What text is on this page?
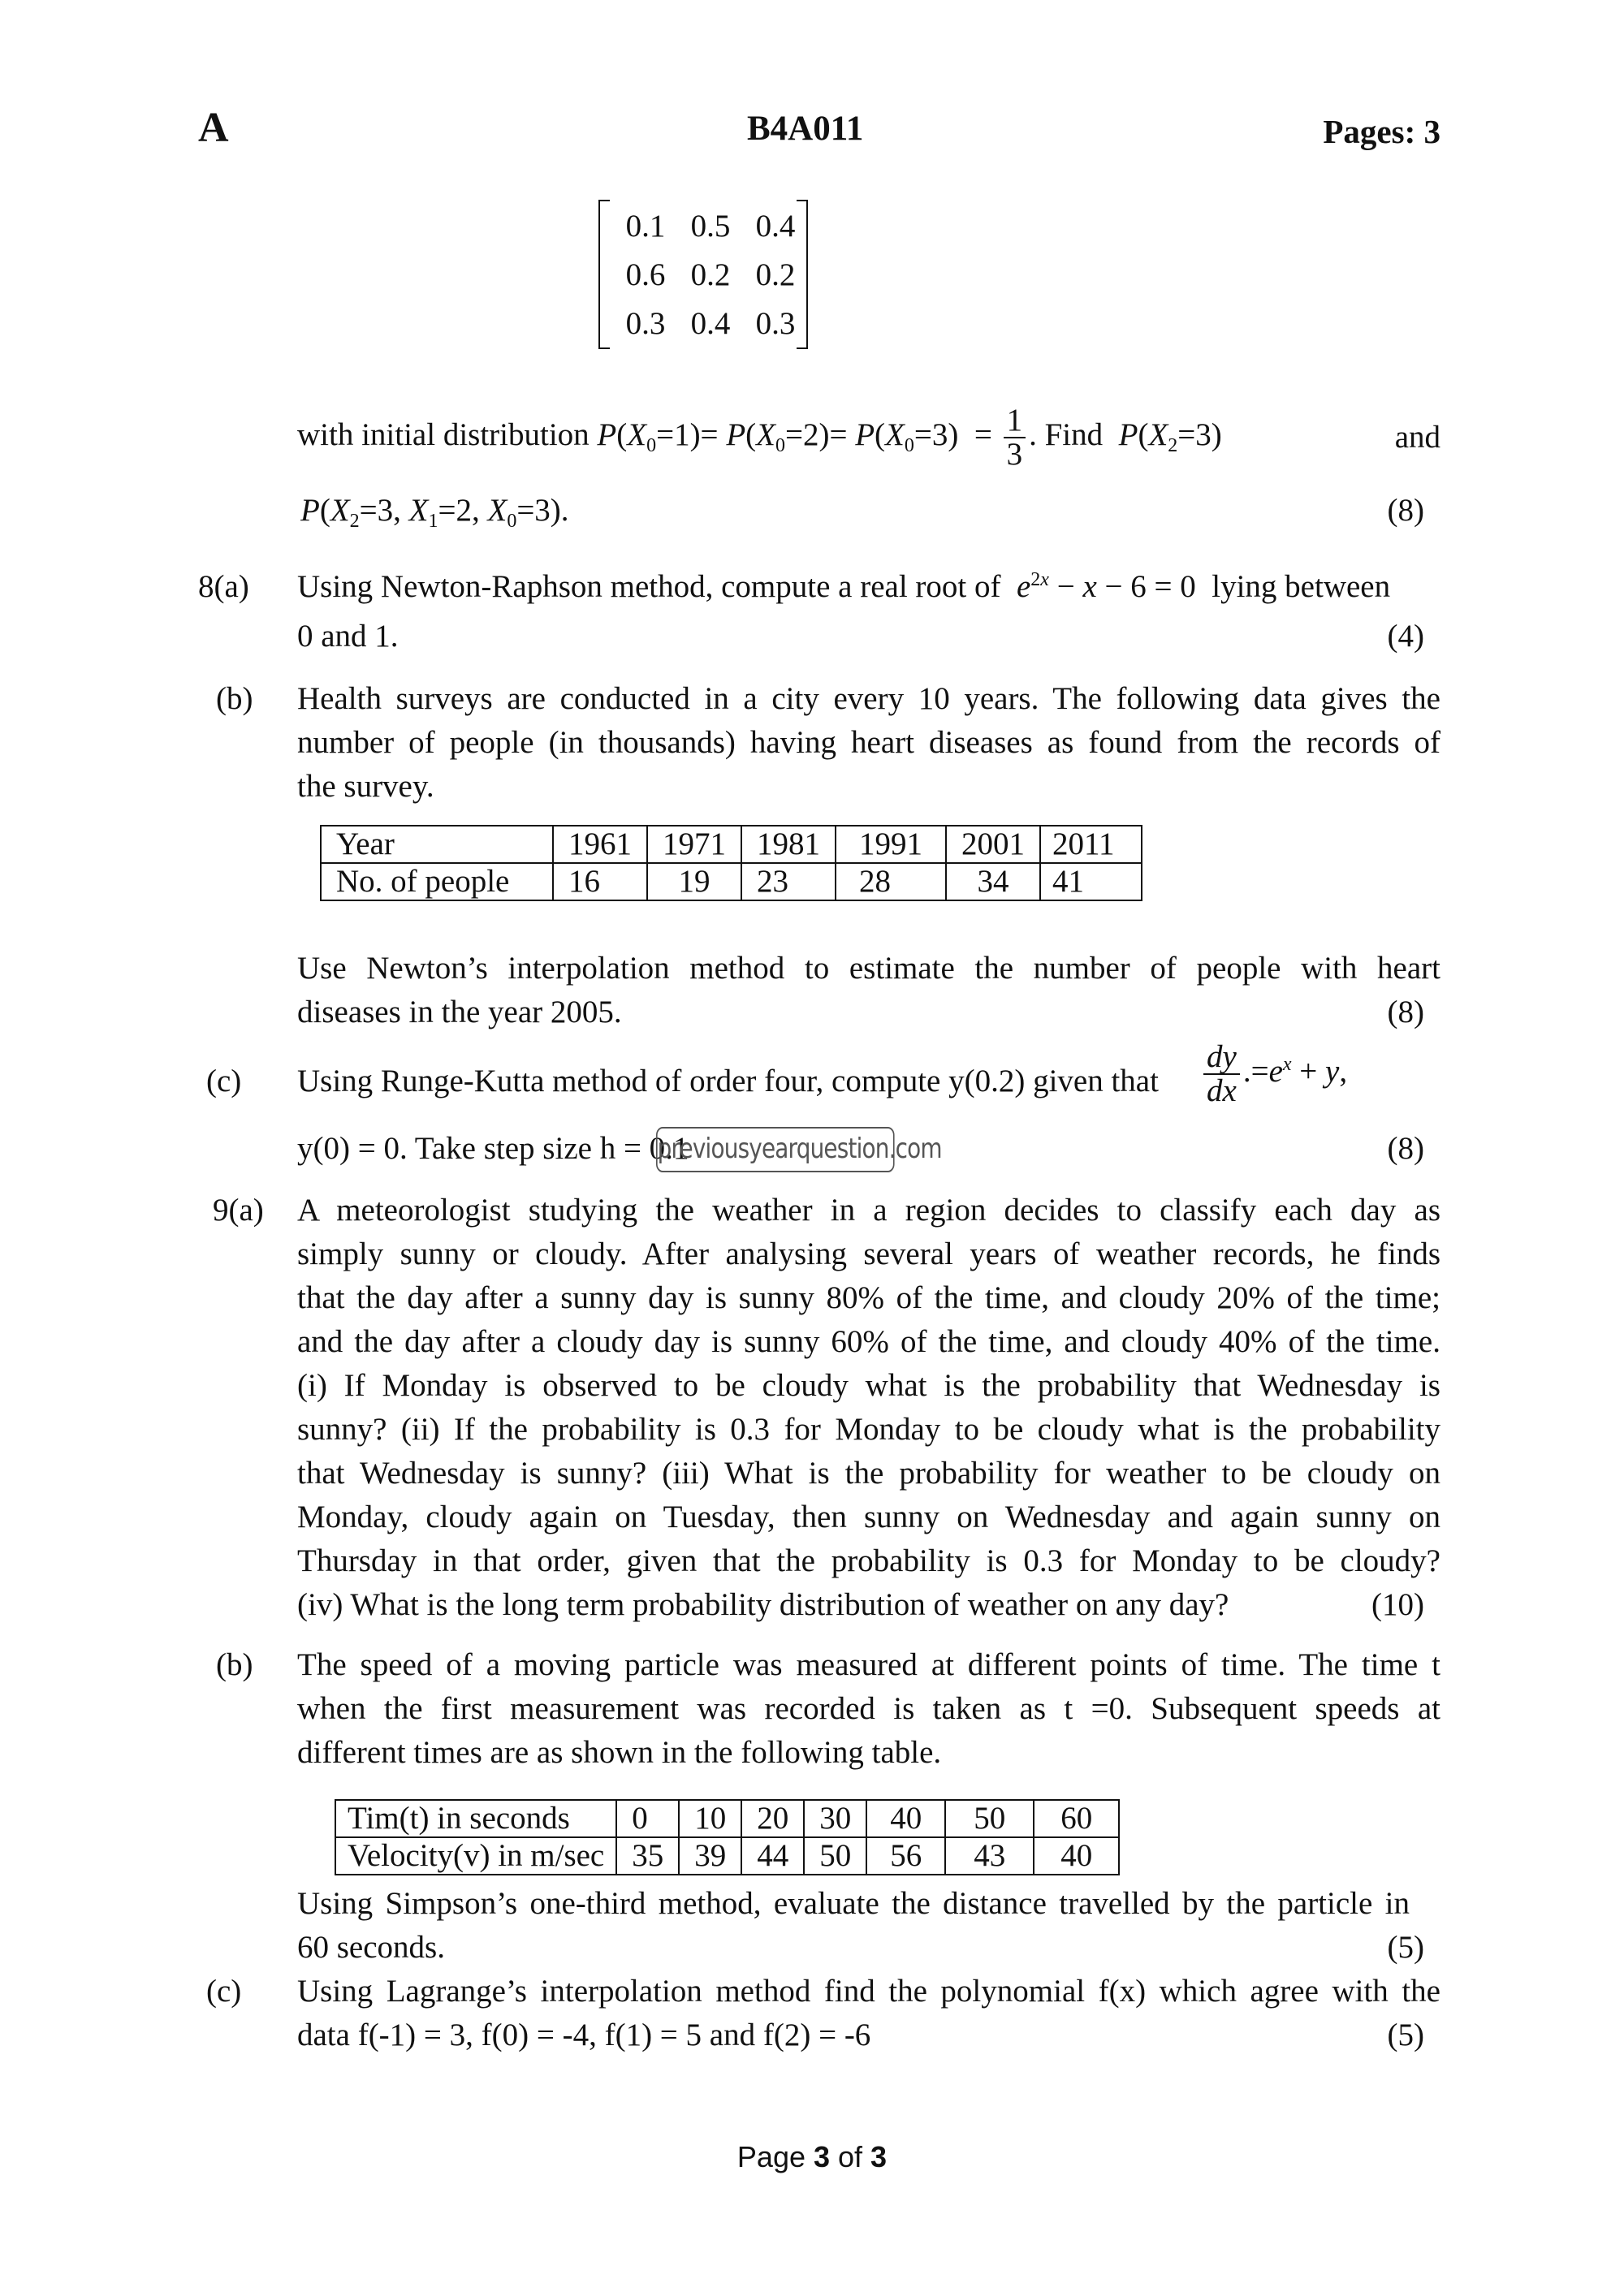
A	B4A011	Pages: 3
0.1	0.5	0.4
0.6	0.2	0.2
0.3	0.4	0.3
with initial distribution $P(X_0=1)= P(X_0=2)= P(X_0=3) = \frac{1}{3}$ . Find $P(X_2=3)$	and
$P(X_2=3$, $X_1=2$, $X_0=3$).	(8)
8(a) Using Newton-Raphson method, compute a real root of $e^{2x} - x - 6 = 0$  lying between
0 and 1.	(4)
(b) Health surveys are conducted in a city every 10 years. The following data gives the
number of people (in thousands) having heart diseases as found from the records of
the survey.
Year	1961	1971	1981	1991	2001	2011
No. of people	16	19	23	28	34	41
Use Newton’s interpolation method to estimate the number of people with heart
diseases in the year 2005.	(8)
(c) Using Runge-Kutta method of order four, compute y(0.2) given that $\frac{dy}{dx} .=e^x + y$,
y(0) = 0. Take step size h = 0.1
previousyearquestion.com	(8)
9(a) A meteorologist studying the weather in a region decides to classify each day as
simply sunny or cloudy. After analysing several years of weather records, he finds
that the day after a sunny day is sunny 80% of the time, and cloudy 20% of the time;
and the day after a cloudy day is sunny 60% of the time, and cloudy 40% of the time.
(i) If Monday is observed to be cloudy what is the probability that Wednesday is
sunny? (ii) If the probability is 0.3 for Monday to be cloudy what is the probability
that Wednesday is sunny? (iii) What is the probability for weather to be cloudy on
Monday, cloudy again on Tuesday, then sunny on Wednesday and again sunny on
Thursday in that order, given that the probability is 0.3 for Monday to be cloudy?
(iv) What is the long term probability distribution of weather on any day?	(10)
(b) The speed of a moving particle was measured at different points of time. The time t
when the first measurement was recorded is taken as t =0. Subsequent speeds at
different times are as shown in the following table.
Tim(t) in seconds	0	10	20	30	40	50	60
Velocity(v) in m/sec	35	39	44	50	56	43	40
Using Simpson’s one-third method, evaluate the distance travelled by the particle in
60 seconds.	(5)
(c) Using Lagrange’s interpolation method find the polynomial f(x) which agree with the
data f(-1) = 3, f(0) = -4, f(1) = 5 and f(2) = -6	(5)
Page 3 of 3
